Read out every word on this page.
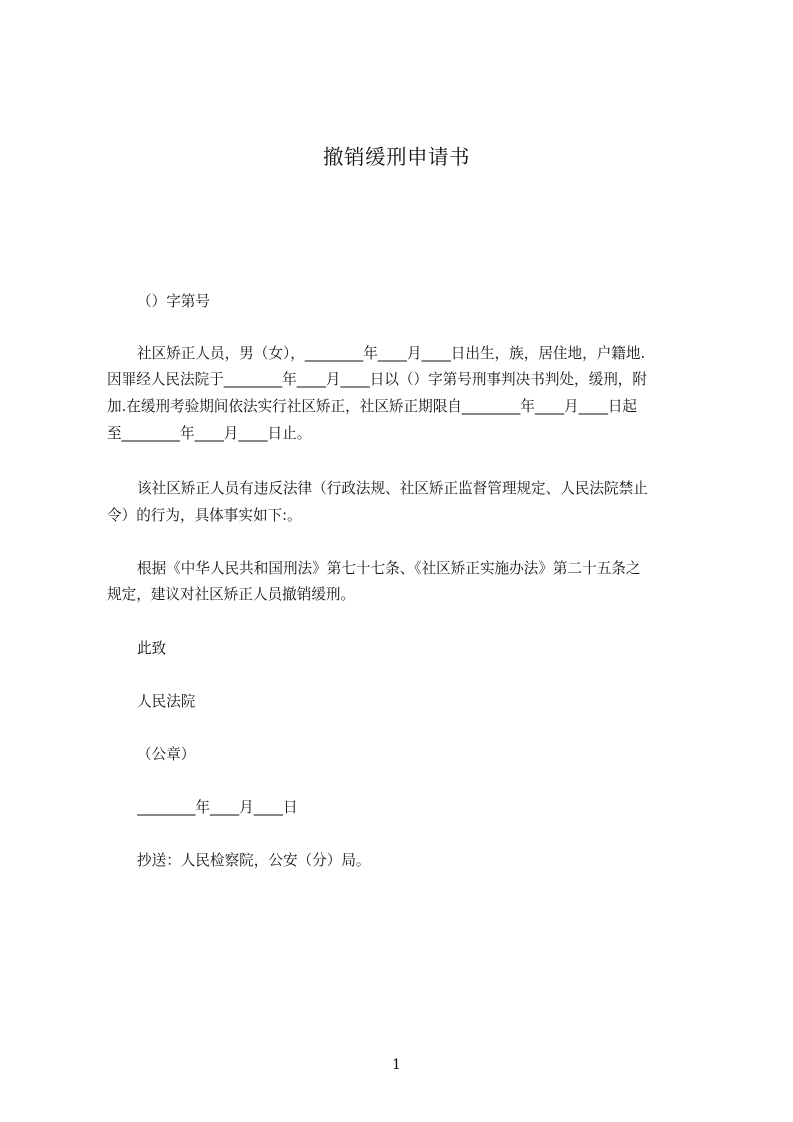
撤销缓刑申请书
（）字第号
社区矫正人员，男（女），________年____月____日出生，族，居住地，户籍地.
因罪经人民法院于________年____月____日以（）字第号刑事判决书判处，缓刑，附
加.在缓刑考验期间依法实行社区矫正，社区矫正期限自________年____月____日起
至________年____月____日止。
该社区矫正人员有违反法律（行政法规、社区矫正监督管理规定、人民法院禁止
令）的行为，具体事实如下:。
根据《中华人民共和国刑法》第七十七条、《社区矫正实施办法》第二十五条之
规定，建议对社区矫正人员撤销缓刑。
此致
人民法院
（公章）
________年____月____日
抄送：人民检察院，公安（分）局。
1
